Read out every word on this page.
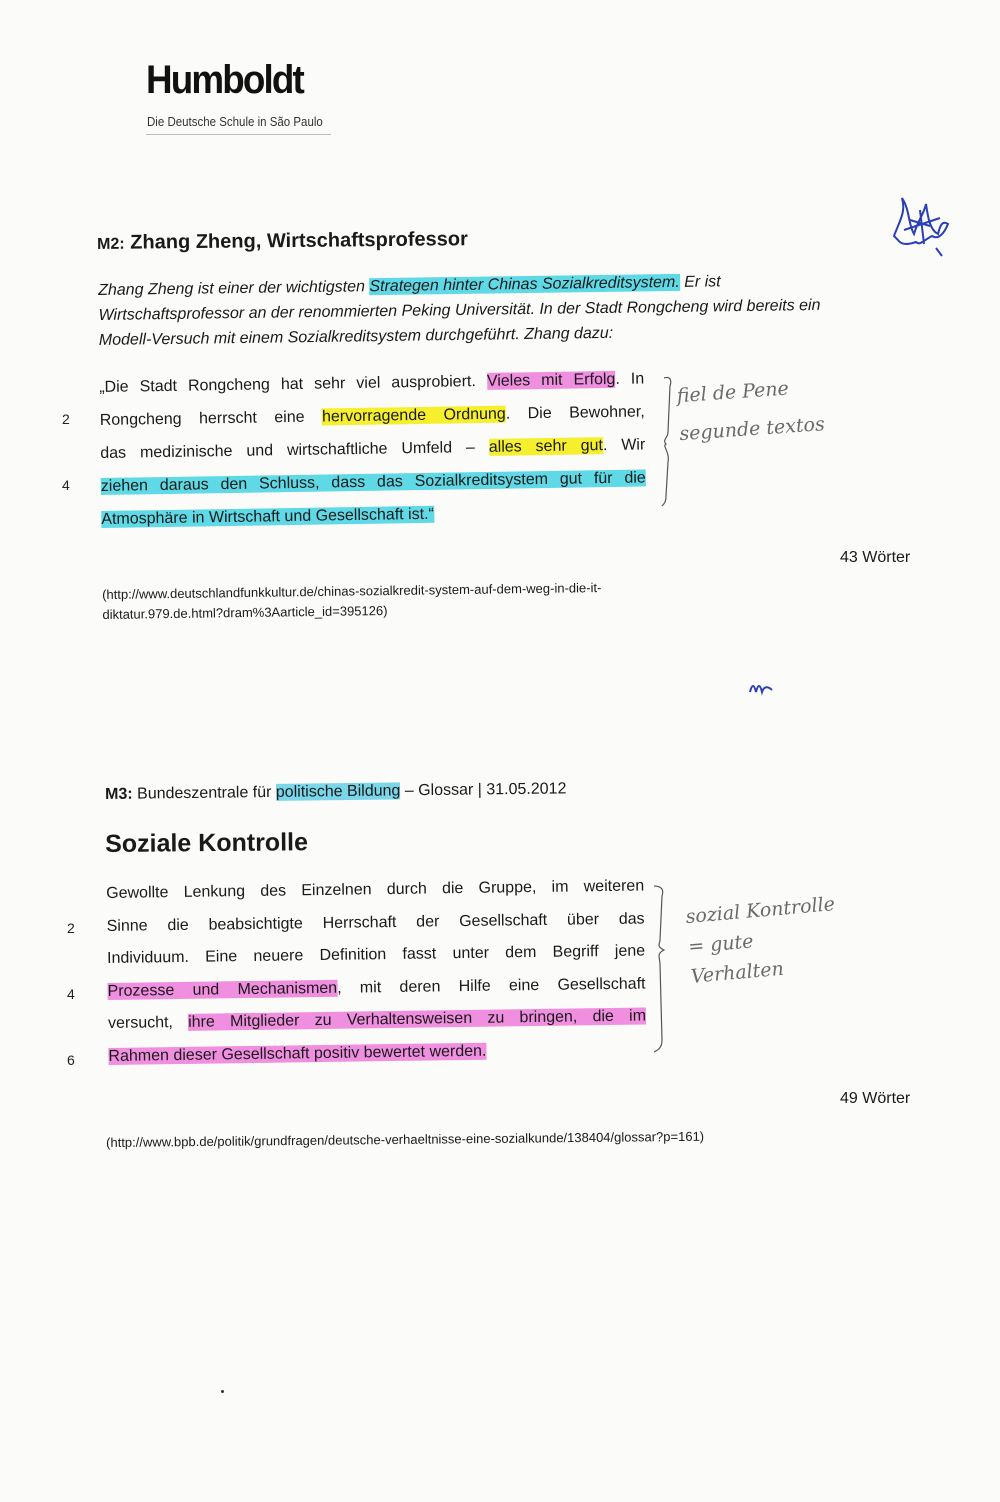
Humboldt
Die Deutsche Schule in São Paulo
M2: Zhang Zheng, Wirtschaftsprofessor

Zhang Zheng ist einer der wichtigsten Strategen hinter Chinas Sozialkreditsystem. Er ist

Wirtschaftsprofessor an der renommierten Peking Universität. In der Stadt Rongcheng wird bereits ein

Modell-Versuch mit einem Sozialkreditsystem durchgeführt. Zhang dazu:

„Die Stadt Rongcheng hat sehr viel ausprobiert. Vieles mit Erfolg. In

Rongcheng herrscht eine hervorragende Ordnung. Die Bewohner,

das medizinische und wirtschaftliche Umfeld – alles sehr gut. Wir

ziehen daraus den Schluss, dass das Sozialkreditsystem gut für die

Atmosphäre in Wirtschaft und Gesellschaft ist.“

2
4
fiel de Pene segunde textos
43 Wörter

(http://www.deutschlandfunkkultur.de/chinas-sozialkredit-system-auf-dem-weg-in-die-it-

diktatur.979.de.html?dram%3Aarticle_id=395126)

M3: Bundeszentrale für politische Bildung – Glossar | 31.05.2012
Soziale Kontrolle

Gewollte Lenkung des Einzelnen durch die Gruppe, im weiteren

Sinne die beabsichtigte Herrschaft der Gesellschaft über das

Individuum. Eine neuere Definition fasst unter dem Begriff jene

Prozesse und Mechanismen, mit deren Hilfe eine Gesellschaft

versucht, ihre Mitglieder zu Verhaltensweisen zu bringen, die im

Rahmen dieser Gesellschaft positiv bewertet werden.

2
4
6
sozial Kontrolle = gute Verhalten
49 Wörter

(http://www.bpb.de/politik/grundfragen/deutsche-verhaeltnisse-eine-sozialkunde/138404/glossar?p=161)
